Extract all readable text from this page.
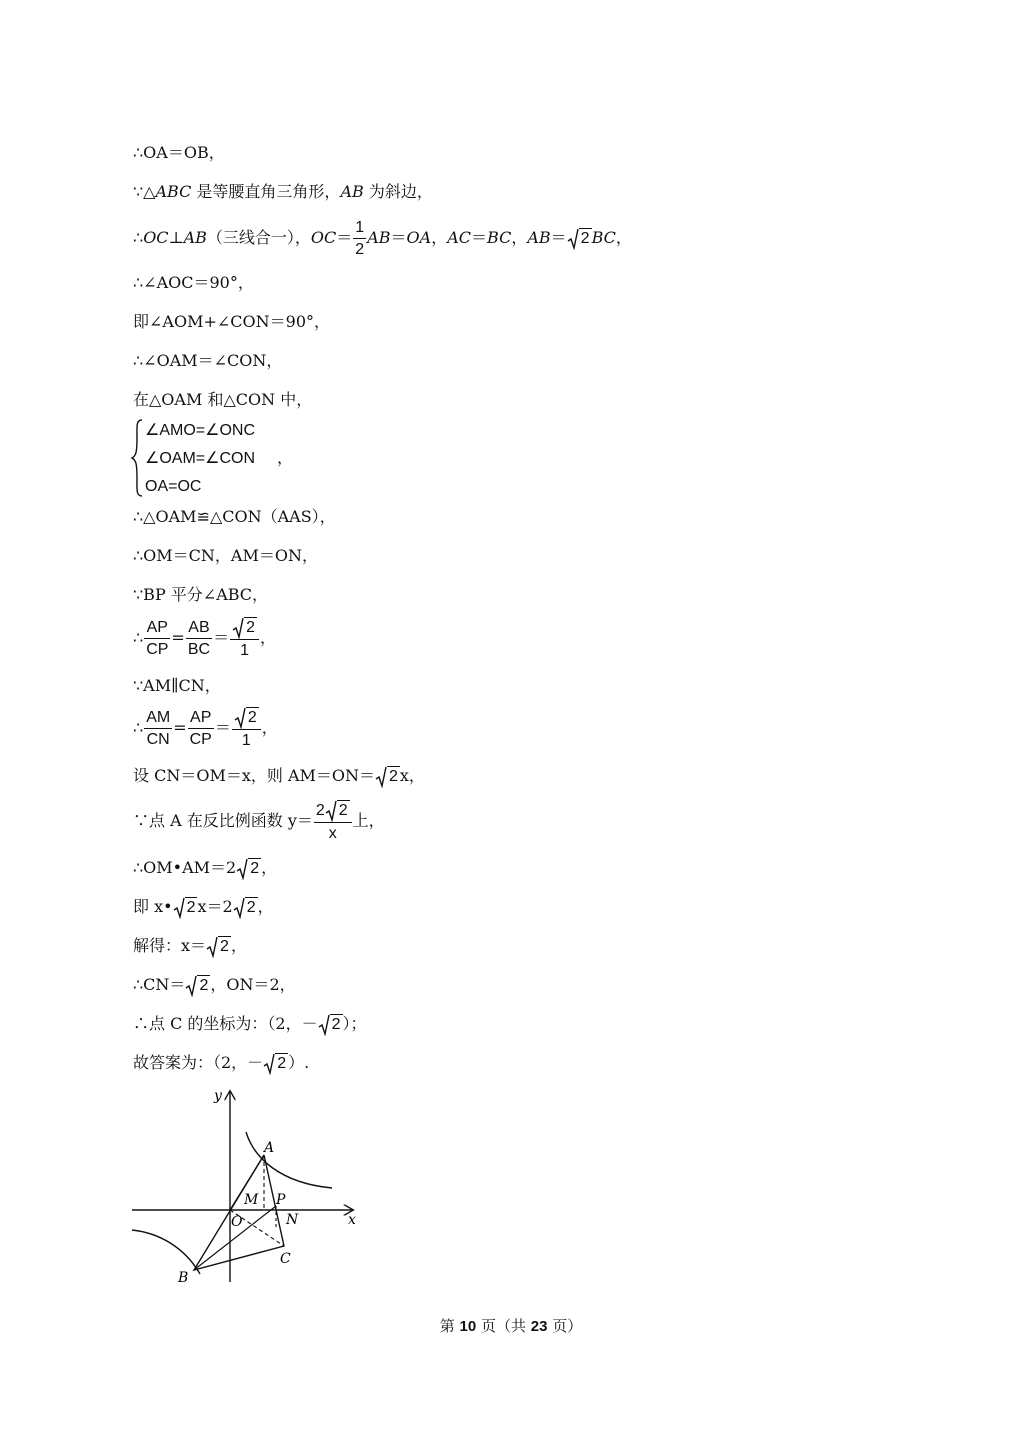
∴OA＝OB，
∵△ABC 是等腰直角三角形，AB 为斜边，
∴OC⊥AB（三线合一），$OC= \frac{1}{2} AB=OA$，AC＝BC，AB＝ 2 BC，
∴∠AOC＝90°，
即∠AOM+∠CON＝90°，
∴∠OAM＝∠CON，
在△OAM 和△CON 中，
∠AMO=∠ONC
∠OAM=∠CON ，
OA=OC
∴△OAM≌△CON（AAS），
∴OM＝CN，AM＝ON，
∵BP 平分∠ABC，
∴ $\frac{AP}{CP} = \frac{AB}{BC} = \frac{2}{1}$ ，
∵AM∥CN，
∴ $\frac{AM}{CN} = \frac{AP}{CP} = \frac{2}{1}$ ，
设 CN＝OM＝x，则 AM＝ON＝ 2 x，
∵点 A 在反比例函数 $y= \frac{2 2}{x}$ 上，
∴OM•AM＝2 2 ，
即 x• 2 x＝2 2 ，
解得：x＝ 2 ，
∴CN＝ 2 ，ON＝2，
∴点 C 的坐标为：（2，－ 2 ）；
故答案为：（2，－ 2 ）.
y
x
A
M P
O	N
C
B
第 10 页（共 23 页）
